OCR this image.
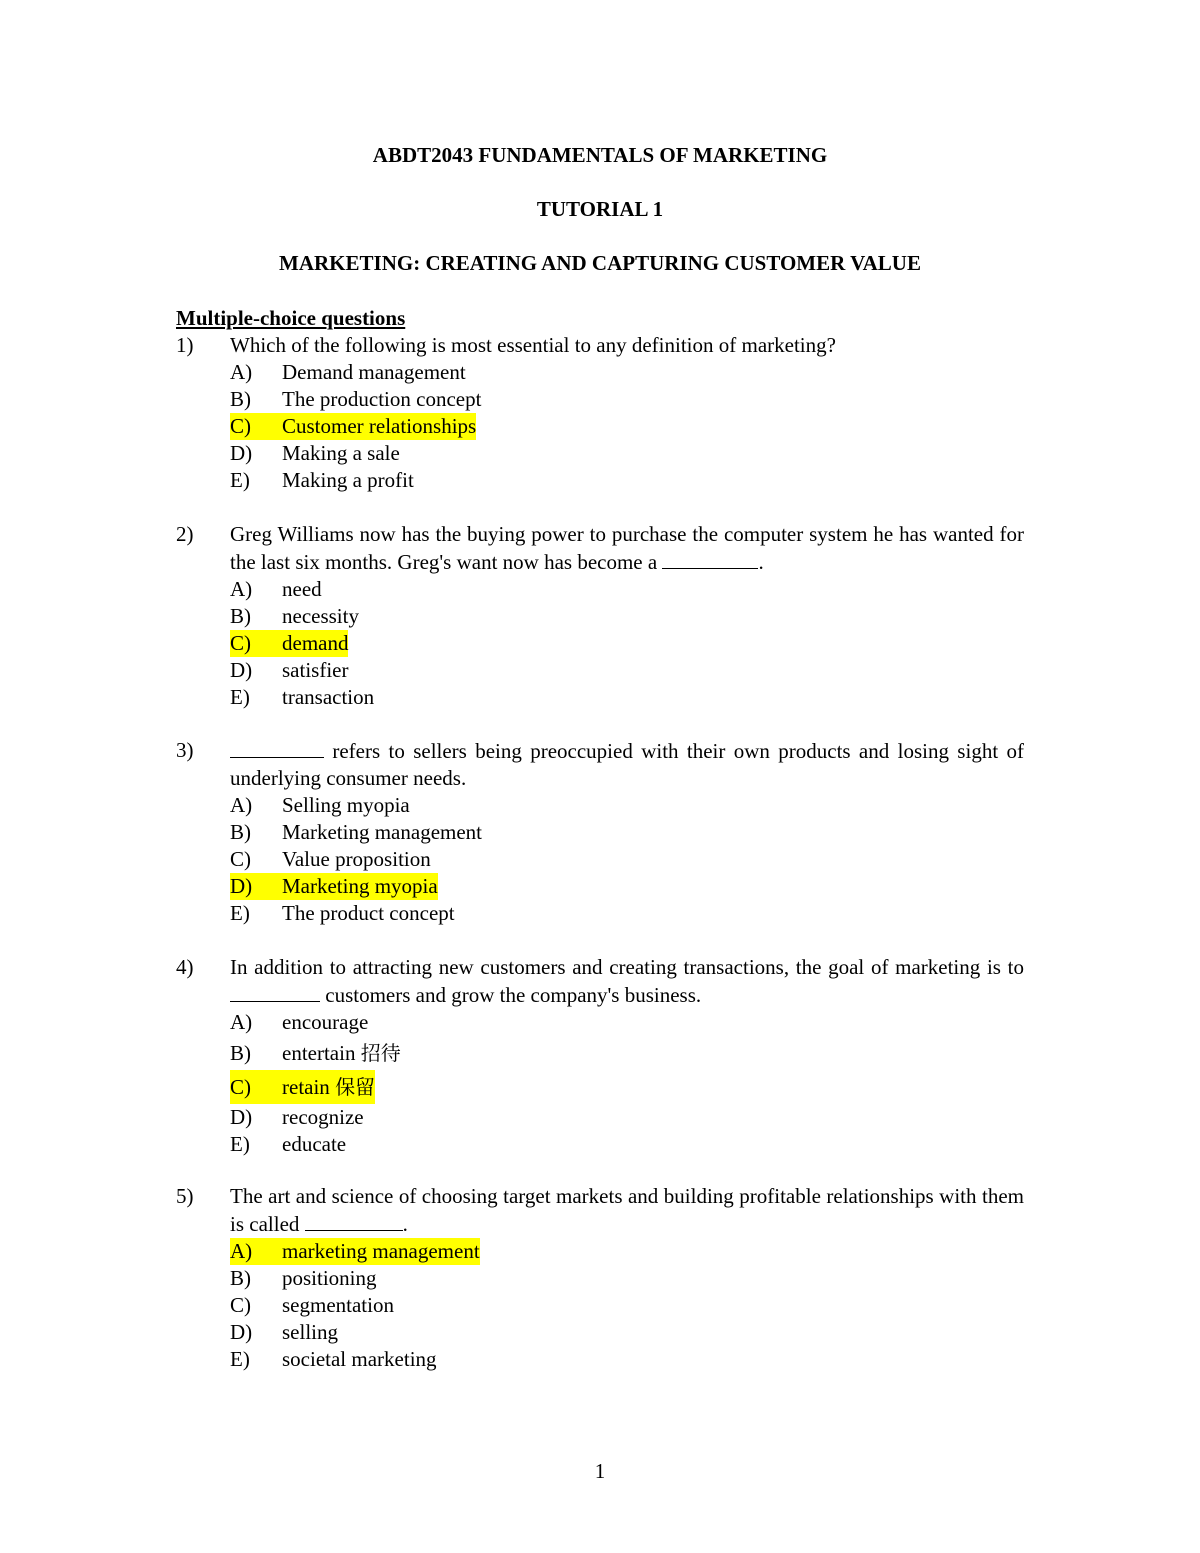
ABDT2043 FUNDAMENTALS OF MARKETING
TUTORIAL 1
MARKETING: CREATING AND CAPTURING CUSTOMER VALUE
Multiple-choice questions
1) Which of the following is most essential to any definition of marketing?
A) Demand management
B) The production concept
C) Customer relationships
D) Making a sale
E) Making a profit
2) Greg Williams now has the buying power to purchase the computer system he has wanted for the last six months. Greg's want now has become a	.
A) need
B) necessity
C) demand
D) satisfier
E) transaction
3)	refers to sellers being preoccupied with their own products and losing sight of underlying consumer needs.
A) Selling myopia
B) Marketing management
C) Value proposition
D) Marketing myopia
E) The product concept
4) In addition to attracting new customers and creating transactions, the goal of marketing is to  customers and grow the company's business.
A) encourage
B) entertain 招待
C) retain 保留
D) recognize
E) educate
5) The art and science of choosing target markets and building profitable relationships with them is called	.
A) marketing management
B) positioning
C) segmentation
D) selling
E) societal marketing
1
